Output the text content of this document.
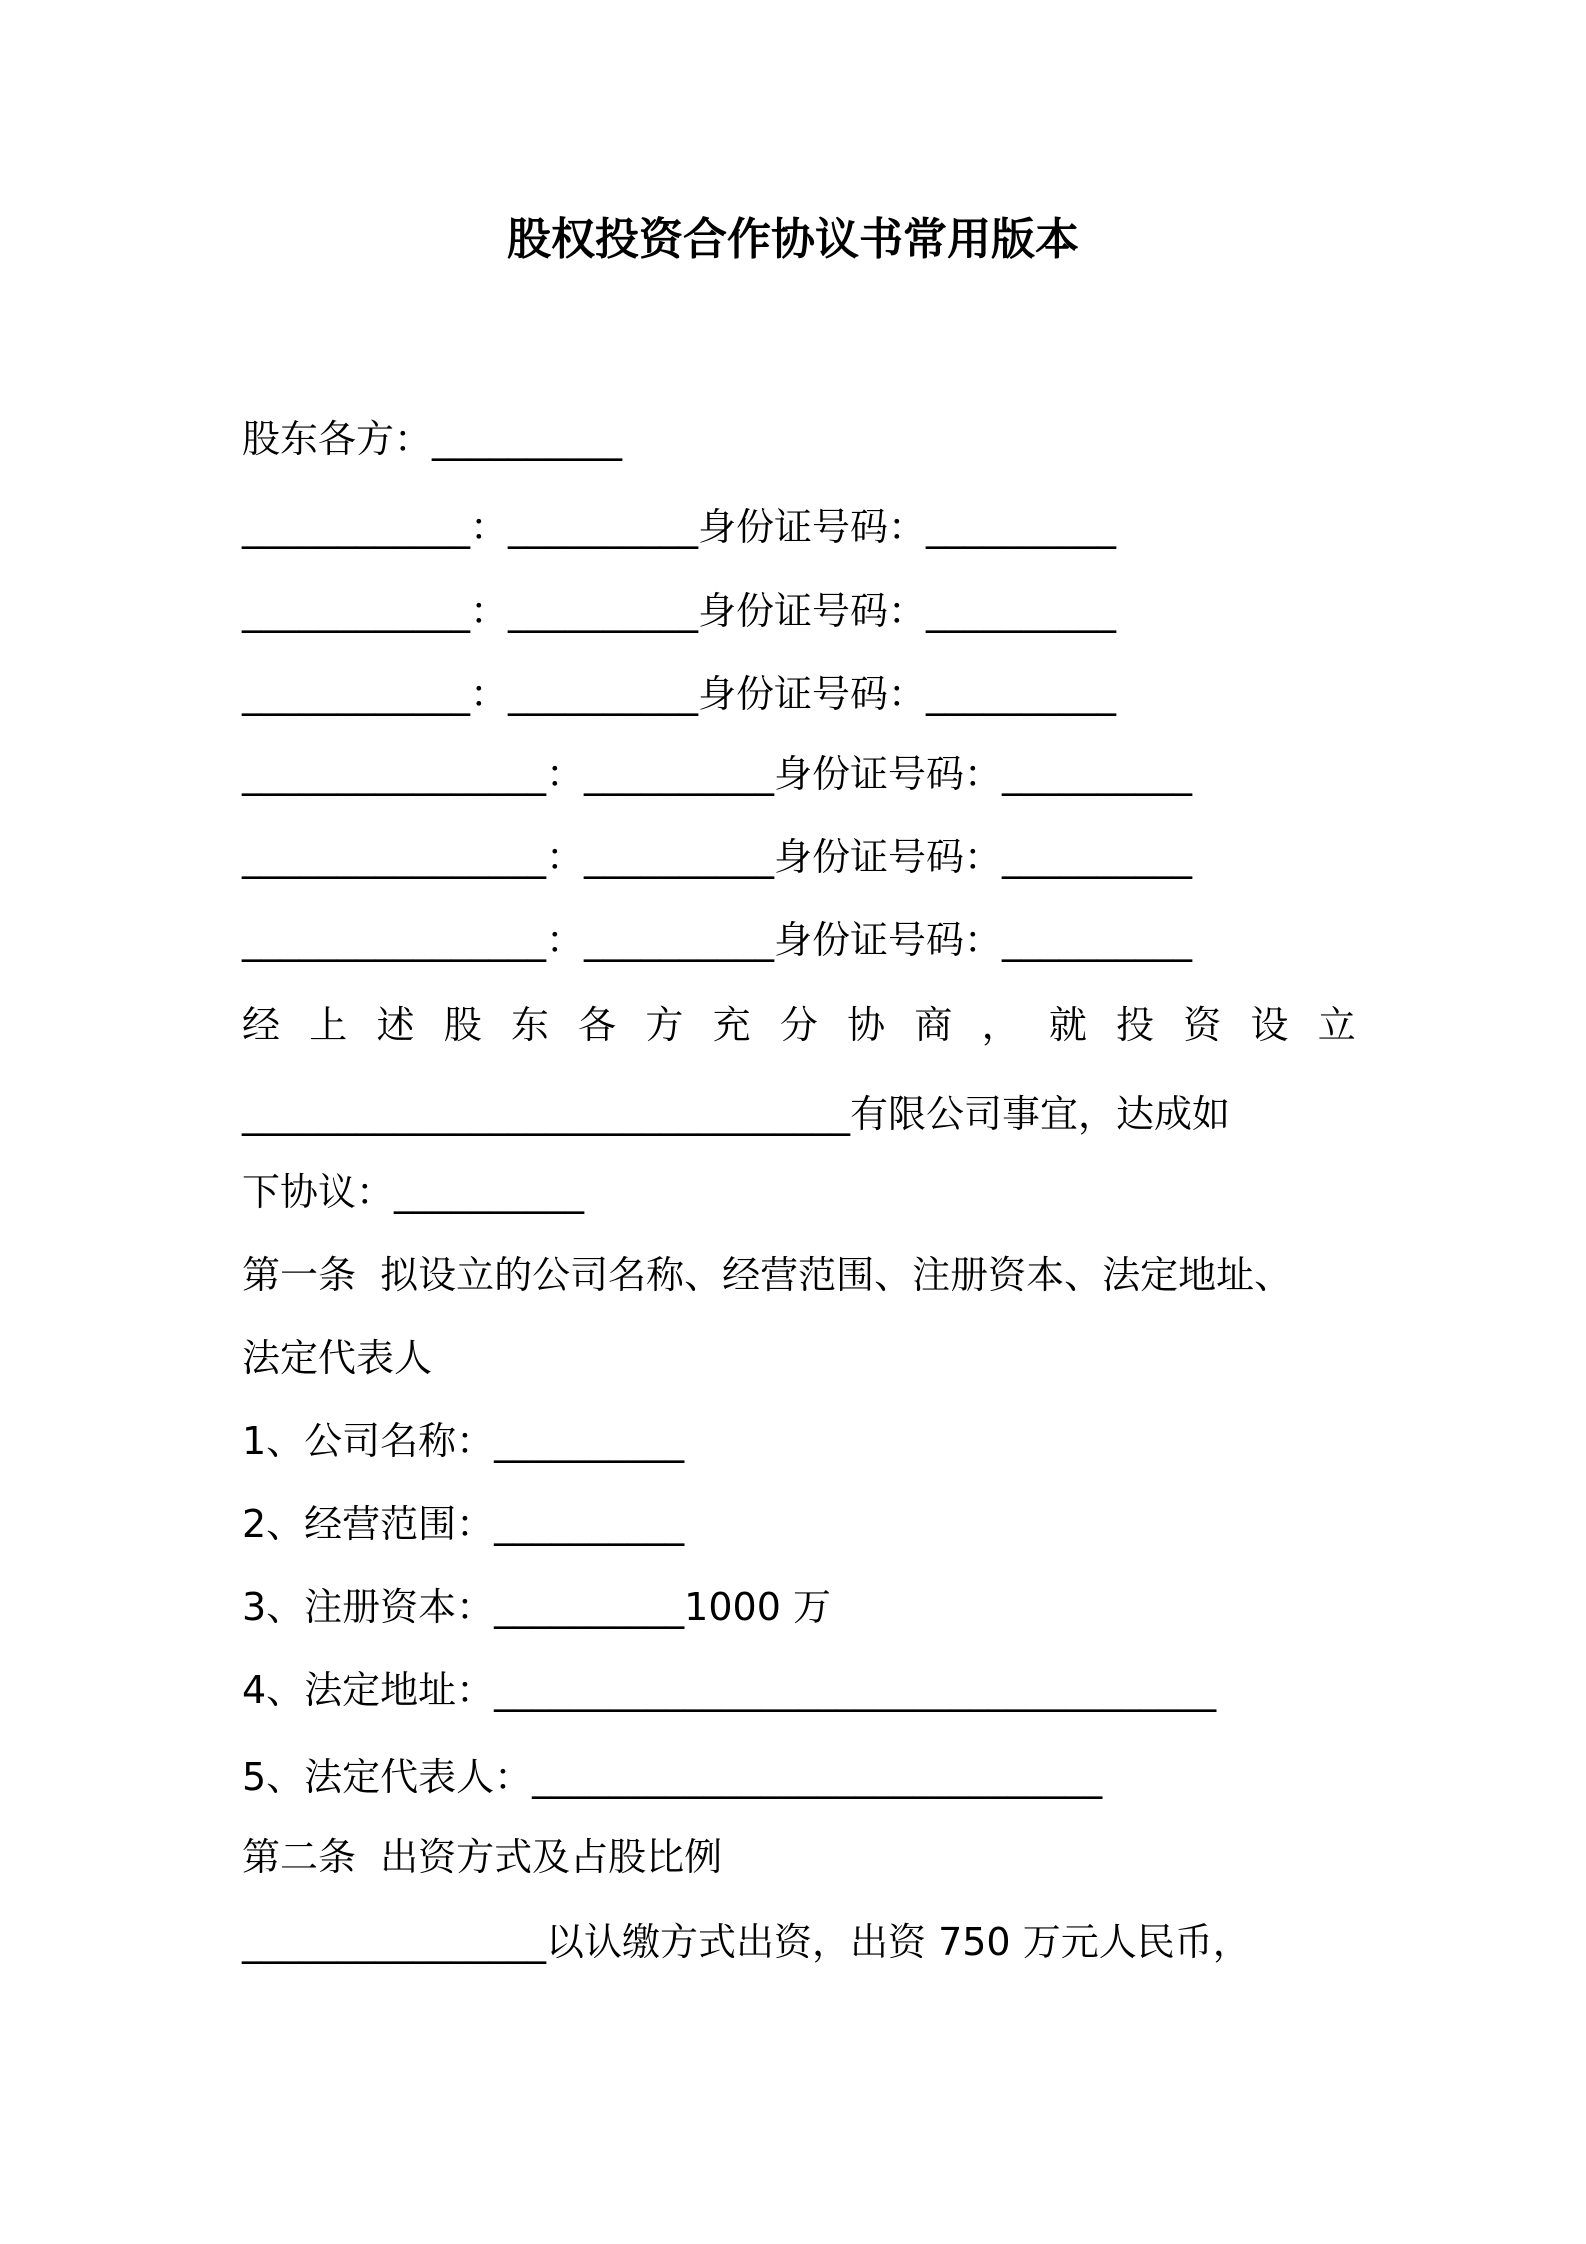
股权投资合作协议书常用版本
股东各方：__________
____________：__________身份证号码：__________
____________：__________身份证号码：__________
____________：__________身份证号码：__________
________________：__________身份证号码：__________
________________：__________身份证号码：__________
________________：__________身份证号码：__________
经 上 述 股 东 各 方 充 分 协 商 ， 就 投 资 设 立
________________________________有限公司事宜，达成如
下协议：__________
第一条  拟设立的公司名称、经营范围、注册资本、法定地址、
法定代表人
1、公司名称：__________
2、经营范围：__________
3、注册资本：__________1000 万
4、法定地址：______________________________________
5、法定代表人：______________________________
第二条  出资方式及占股比例
________________以认缴方式出资，出资 750 万元人民币，
